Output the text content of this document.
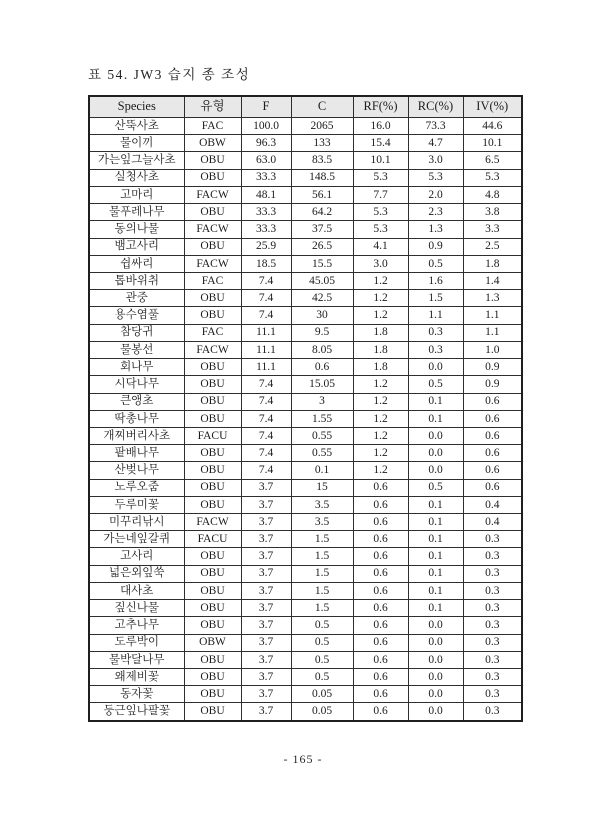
표 54. JW3 습지 종 조성
Species	유형	F	C	RF(%)	RC(%)	IV(%)
산뚝사초	FAC	100.0	2065	16.0	73.3	44.6
물이끼	OBW	96.3	133	15.4	4.7	10.1
가는잎그늘사초	OBU	63.0	83.5	10.1	3.0	6.5
실청사초	OBU	33.3	148.5	5.3	5.3	5.3
고마리	FACW	48.1	56.1	7.7	2.0	4.8
물푸레나무	OBU	33.3	64.2	5.3	2.3	3.8
동의나물	FACW	33.3	37.5	5.3	1.3	3.3
뱀고사리	OBU	25.9	26.5	4.1	0.9	2.5
쉽싸리	FACW	18.5	15.5	3.0	0.5	1.8
톱바위취	FAC	7.4	45.05	1.2	1.6	1.4
관중	OBU	7.4	42.5	1.2	1.5	1.3
용수염풀	OBU	7.4	30	1.2	1.1	1.1
참당귀	FAC	11.1	9.5	1.8	0.3	1.1
물봉선	FACW	11.1	8.05	1.8	0.3	1.0
회나무	OBU	11.1	0.6	1.8	0.0	0.9
시닥나무	OBU	7.4	15.05	1.2	0.5	0.9
큰앵초	OBU	7.4	3	1.2	0.1	0.6
딱총나무	OBU	7.4	1.55	1.2	0.1	0.6
개찌버리사초	FACU	7.4	0.55	1.2	0.0	0.6
팥배나무	OBU	7.4	0.55	1.2	0.0	0.6
산벚나무	OBU	7.4	0.1	1.2	0.0	0.6
노루오줌	OBU	3.7	15	0.6	0.5	0.6
두루미꽃	OBU	3.7	3.5	0.6	0.1	0.4
미꾸리낚시	FACW	3.7	3.5	0.6	0.1	0.4
가는네잎갈퀴	FACU	3.7	1.5	0.6	0.1	0.3
고사리	OBU	3.7	1.5	0.6	0.1	0.3
넓은외잎쑥	OBU	3.7	1.5	0.6	0.1	0.3
대사초	OBU	3.7	1.5	0.6	0.1	0.3
짚신나물	OBU	3.7	1.5	0.6	0.1	0.3
고추나무	OBU	3.7	0.5	0.6	0.0	0.3
도루박이	OBW	3.7	0.5	0.6	0.0	0.3
물박달나무	OBU	3.7	0.5	0.6	0.0	0.3
왜제비꽃	OBU	3.7	0.5	0.6	0.0	0.3
동자꽃	OBU	3.7	0.05	0.6	0.0	0.3
둥근잎나팔꽃	OBU	3.7	0.05	0.6	0.0	0.3
- 165 -
